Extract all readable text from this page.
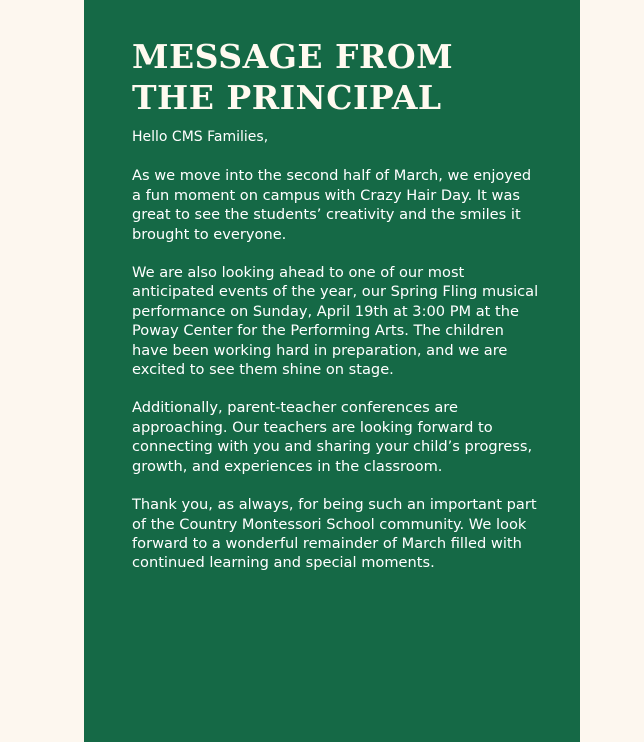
MESSAGE FROM
THE PRINCIPAL

Hello CMS Families,

As we move into the second half of March, we enjoyed a fun moment on campus with Crazy Hair Day. It was great to see the students’ creativity and the smiles it brought to everyone.

We are also looking ahead to one of our most anticipated events of the year, our Spring Fling musical performance on Sunday, April 19th at 3:00 PM at the Poway Center for the Performing Arts. The children have been working hard in preparation, and we are excited to see them shine on stage.

Additionally, parent-teacher conferences are approaching. Our teachers are looking forward to connecting with you and sharing your child’s progress, growth, and experiences in the classroom.

Thank you, as always, for being such an important part of the Country Montessori School community. We look forward to a wonderful remainder of March filled with continued learning and special moments.
